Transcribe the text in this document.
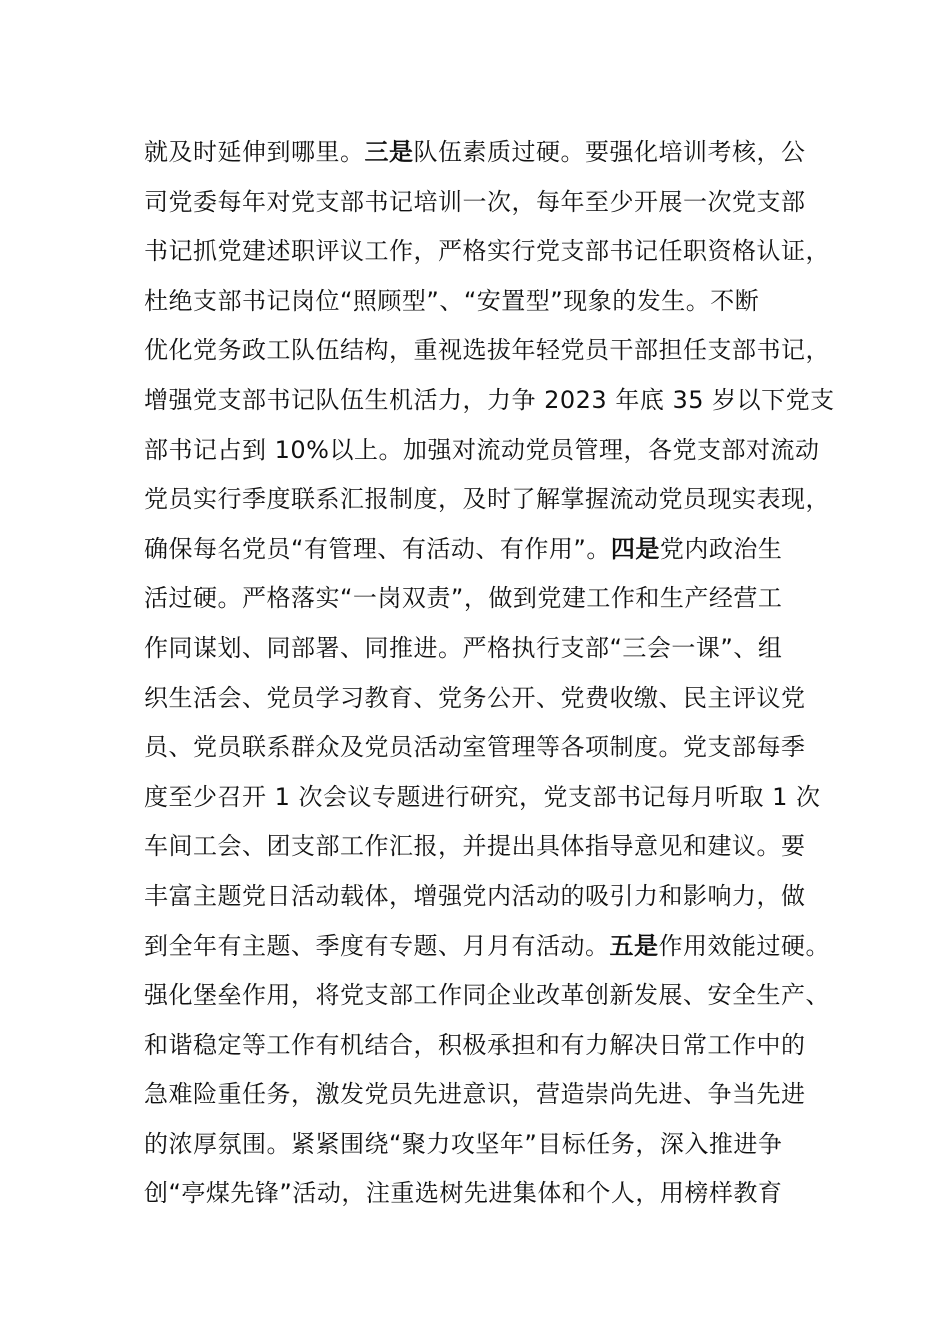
就及时延伸到哪里。三是队伍素质过硬。要强化培训考核，公
司党委每年对党支部书记培训一次，每年至少开展一次党支部
书记抓党建述职评议工作，严格实行党支部书记任职资格认证，
杜绝支部书记岗位“照顾型”、“安置型”现象的发生。不断
优化党务政工队伍结构，重视选拔年轻党员干部担任支部书记，
增强党支部书记队伍生机活力，力争 2023 年底 35 岁以下党支
部书记占到 10%以上。加强对流动党员管理，各党支部对流动
党员实行季度联系汇报制度，及时了解掌握流动党员现实表现，
确保每名党员“有管理、有活动、有作用”。四是党内政治生
活过硬。严格落实“一岗双责”，做到党建工作和生产经营工
作同谋划、同部署、同推进。严格执行支部“三会一课”、组
织生活会、党员学习教育、党务公开、党费收缴、民主评议党
员、党员联系群众及党员活动室管理等各项制度。党支部每季
度至少召开 1 次会议专题进行研究，党支部书记每月听取 1 次
车间工会、团支部工作汇报，并提出具体指导意见和建议。要
丰富主题党日活动载体，增强党内活动的吸引力和影响力，做
到全年有主题、季度有专题、月月有活动。五是作用效能过硬。
强化堡垒作用，将党支部工作同企业改革创新发展、安全生产、
和谐稳定等工作有机结合，积极承担和有力解决日常工作中的
急难险重任务，激发党员先进意识，营造崇尚先进、争当先进
的浓厚氛围。紧紧围绕“聚力攻坚年”目标任务，深入推进争
创“亭煤先锋”活动，注重选树先进集体和个人，用榜样教育
